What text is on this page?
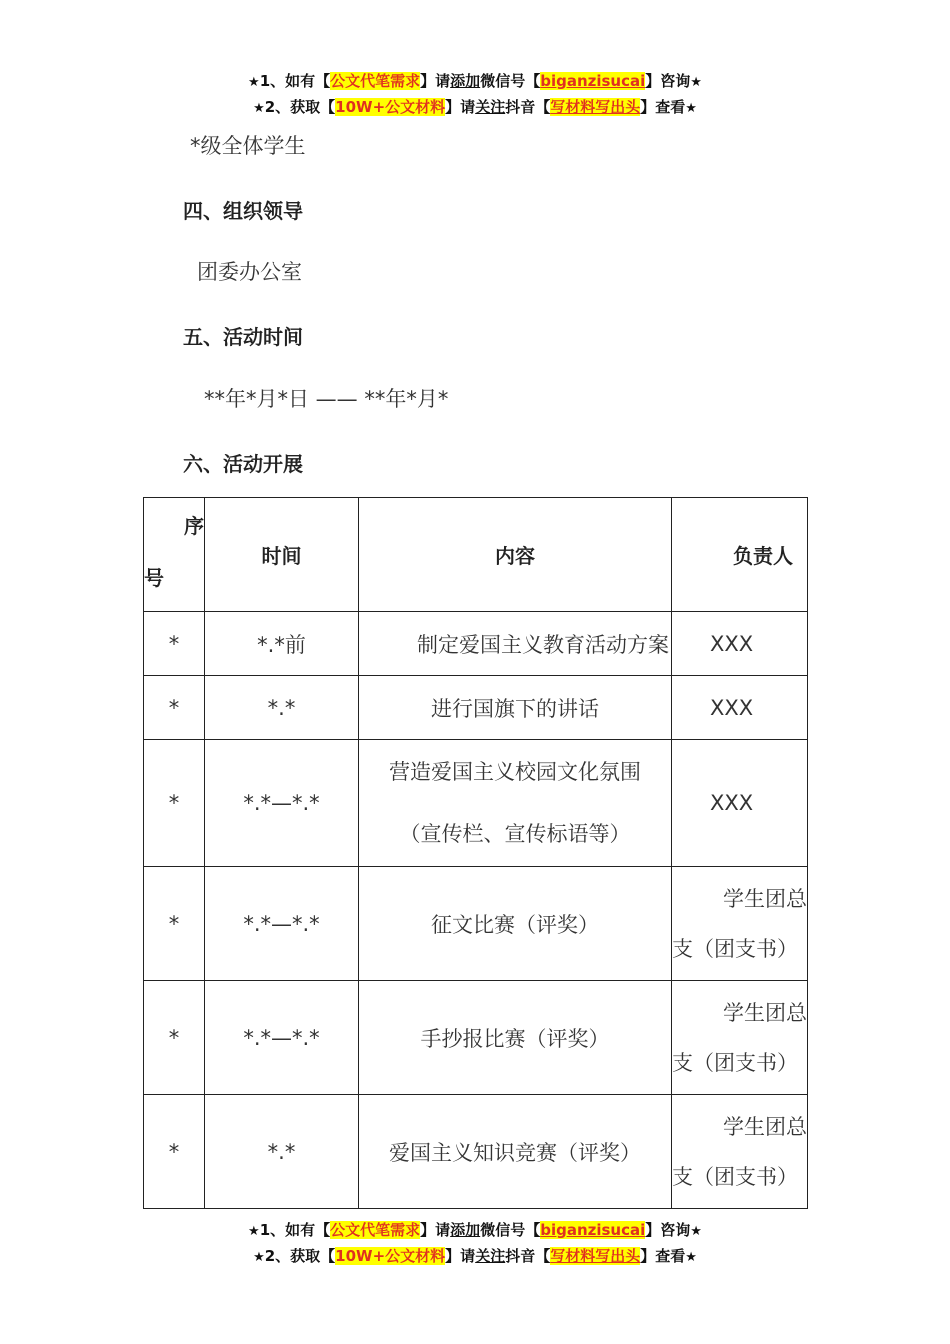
★1、如有【公文代笔需求】请添加微信号【biganzisucai】咨询★
★2、获取【10W+公文材料】请关注抖音【写材料写出头】查看★
*级全体学生
四、组织领导
团委办公室
五、活动时间
**年*月*日 —— **年*月*
六、活动开展
序
号	时间	内容	负责人
*	*.*前	制定爱国主义教育活动方案	XXX
*	*.*	进行国旗下的讲话	XXX
*	*.*—*.*	营造爱国主义校园文化氛围
（宣传栏、宣传标语等）	XXX
*	*.*—*.*	征文比赛（评奖）	学生团总
支（团支书）

*	*.*—*.*	手抄报比赛（评奖）	学生团总
支（团支书）

*	*.*	爱国主义知识竞赛（评奖）	学生团总
支（团支书）
★1、如有【公文代笔需求】请添加微信号【biganzisucai】咨询★
★2、获取【10W+公文材料】请关注抖音【写材料写出头】查看★
